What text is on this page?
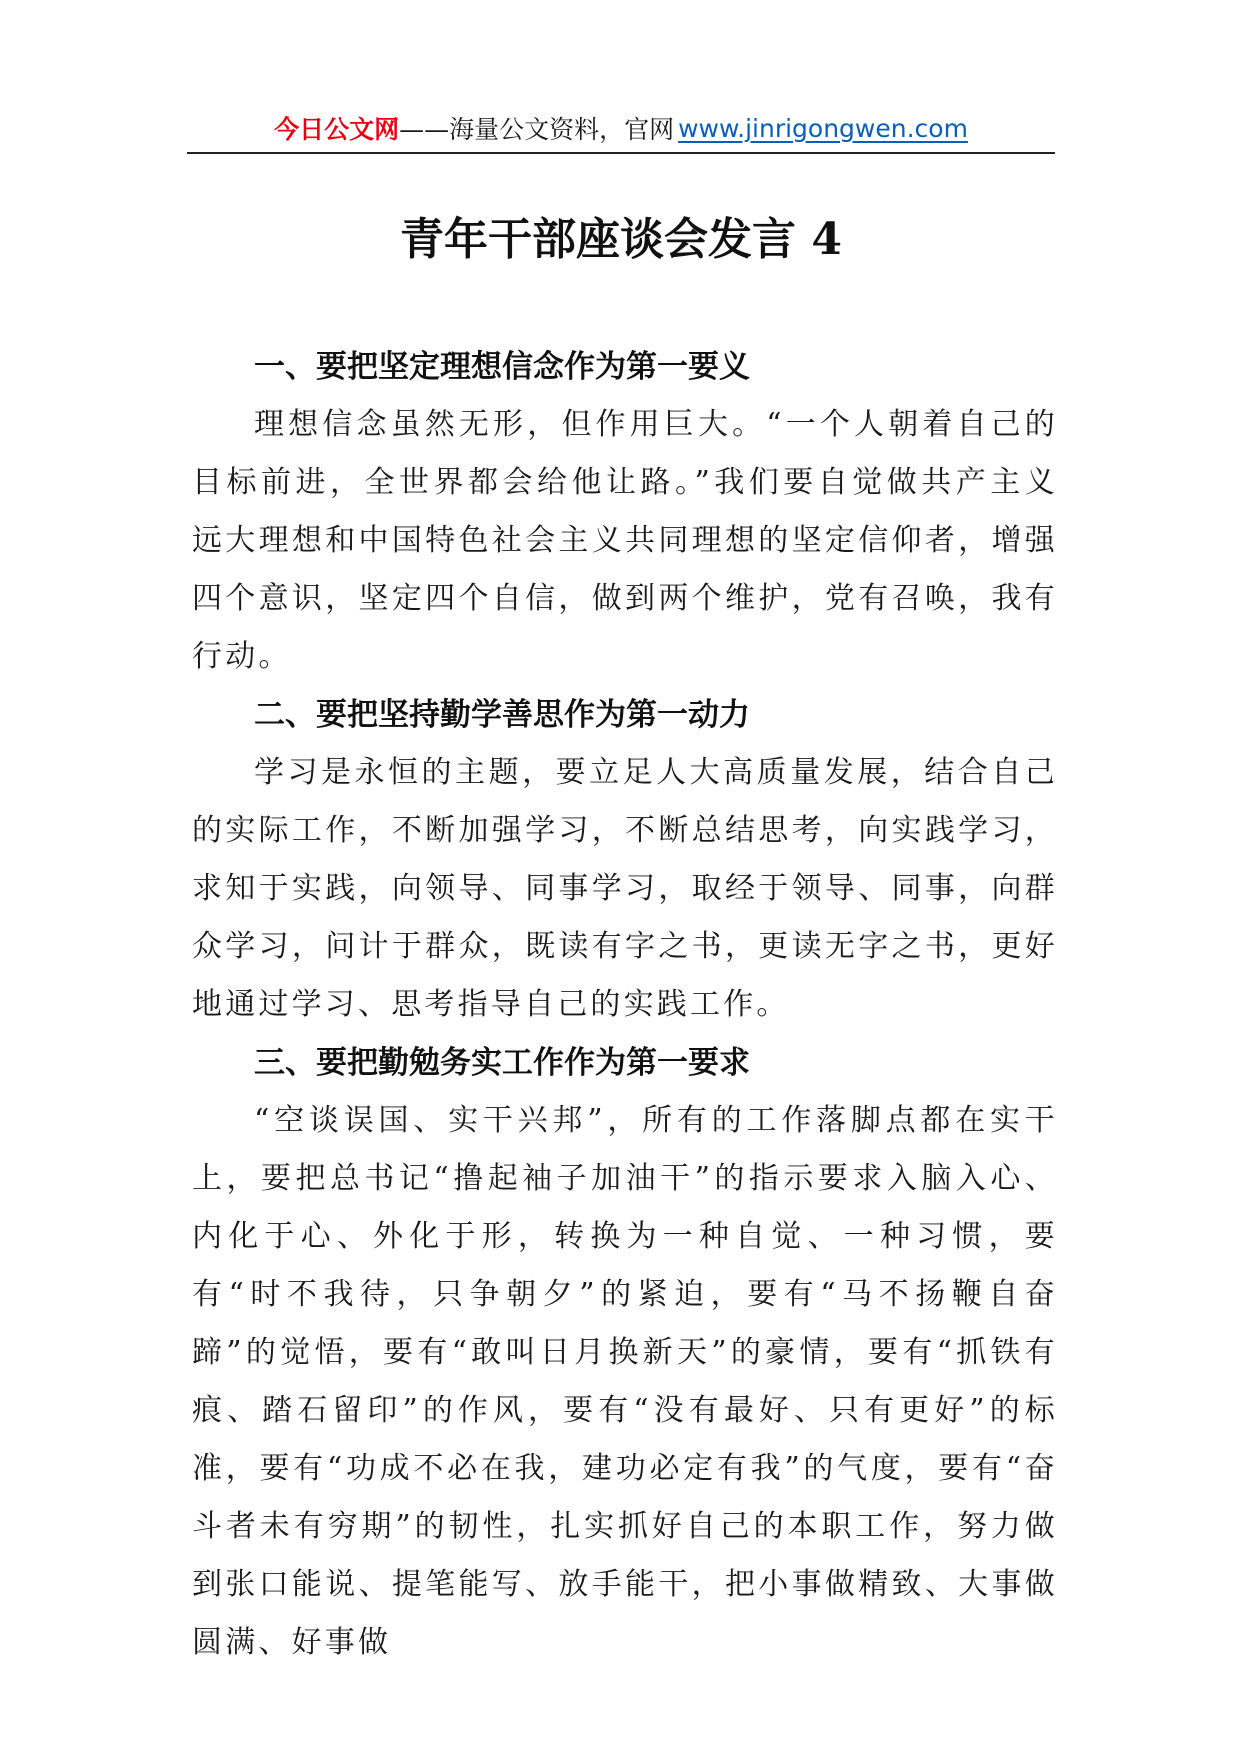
今日公文网 ——海量公文资料，官网 www.jinrigongwen.com
青年干部座谈会发言 4
一、要把坚定理想信念作为第一要义

理想信念虽然无形，但作用巨大。“一个人朝着自己的目标前进，全世界都会给他让路。”我们要自觉做共产主义远大理想和中国特色社会主义共同理想的坚定信仰者，增强四个意识，坚定四个自信，做到两个维护，党有召唤，我有行动。

二、要把坚持勤学善思作为第一动力

学习是永恒的主题，要立足人大高质量发展，结合自己的实际工作，不断加强学习，不断总结思考，向实践学习，求知于实践，向领导、同事学习，取经于领导、同事，向群众学习，问计于群众，既读有字之书，更读无字之书，更好地通过学习、思考指导自己的实践工作。

三、要把勤勉务实工作作为第一要求

“空谈误国、实干兴邦”，所有的工作落脚点都在实干上，要把总书记“撸起袖子加油干”的指示要求入脑入心、内化于心、外化于形，转换为一种自觉、一种习惯，要有“时不我待，只争朝夕”的紧迫，要有“马不扬鞭自奋蹄”的觉悟，要有“敢叫日月换新天”的豪情，要有“抓铁有痕、踏石留印”的作风，要有“没有最好、只有更好”的标准，要有“功成不必在我，建功必定有我”的气度，要有“奋斗者未有穷期”的韧性，扎实抓好自己的本职工作，努力做到张口能说、提笔能写、放手能干，把小事做精致、大事做圆满、好事做
